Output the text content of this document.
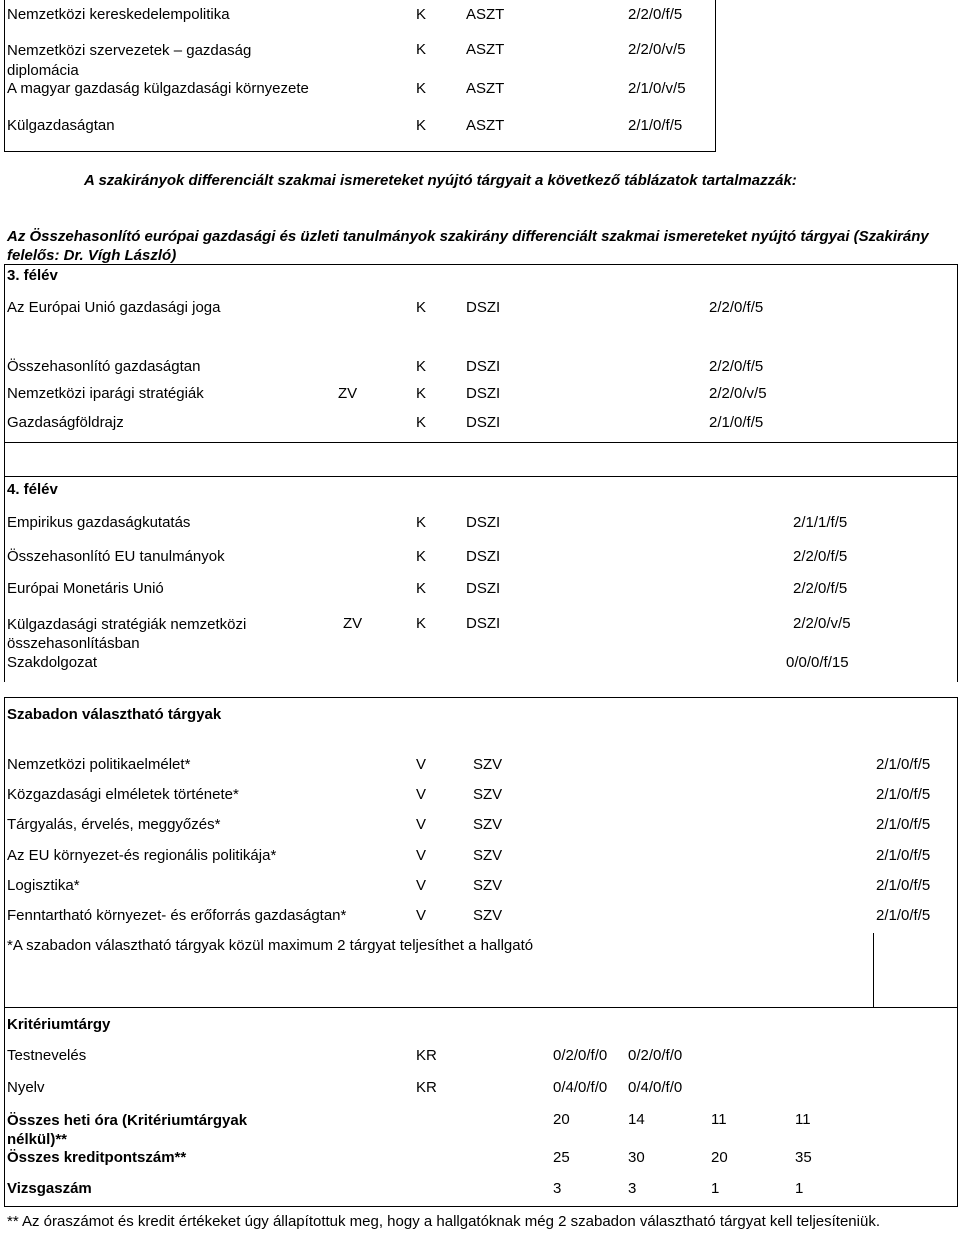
Nemzetközi kereskedelempolitika	K	ASZT	2/2/0/f/5
Nemzetközi szervezetek – gazdaság diplomácia
K	ASZT	2/2/0/v/5
A magyar gazdaság külgazdasági környezete	K	ASZT	2/1/0/v/5
Külgazdaságtan	K	ASZT	2/1/0/f/5
A szakirányok differenciált szakmai ismereteket nyújtó tárgyait a következő táblázatok tartalmazzák:
Az Összehasonlító európai gazdasági és üzleti tanulmányok szakirány differenciált szakmai ismereteket nyújtó tárgyai (Szakirány felelős: Dr. Vígh László)
3. félév
Az Európai Unió gazdasági joga	K	DSZI	2/2/0/f/5
Összehasonlító gazdaságtan	K	DSZI	2/2/0/f/5
Nemzetközi iparági stratégiák	ZV	K	DSZI	2/2/0/v/5
Gazdaságföldrajz	K	DSZI	2/1/0/f/5
4. félév
Empirikus gazdaságkutatás	K	DSZI	2/1/1/f/5
Összehasonlító EU tanulmányok	K	DSZI	2/2/0/f/5
Európai Monetáris Unió	K	DSZI	2/2/0/f/5
Külgazdasági stratégiák nemzetközi összehasonlításban
ZV	K	DSZI	2/2/0/v/5
Szakdolgozat	0/0/0/f/15
Szabadon választható tárgyak
Nemzetközi politikaelmélet*	V	SZV	2/1/0/f/5
Közgazdasági elméletek története*	V	SZV	2/1/0/f/5
Tárgyalás, érvelés, meggyőzés*	V	SZV	2/1/0/f/5
Az EU környezet-és regionális politikája*	V	SZV	2/1/0/f/5
Logisztika*	V	SZV	2/1/0/f/5
Fenntartható környezet- és erőforrás gazdaságtan*	V	SZV	2/1/0/f/5
*A szabadon választható tárgyak közül maximum 2 tárgyat teljesíthet a hallgató
Kritériumtárgy
Testnevelés	KR	0/2/0/f/0 0/2/0/f/0
Nyelv	KR	0/4/0/f/0 0/4/0/f/0
Összes heti óra (Kritériumtárgyak nélkül)**
20	14	11	11
Összes kreditpontszám**	25	30	20	35
Vizsgaszám	3	3	1	1
** Az óraszámot és kredit értékeket úgy állapítottuk meg, hogy a hallgatóknak még 2 szabadon választható tárgyat kell teljesíteniük.
